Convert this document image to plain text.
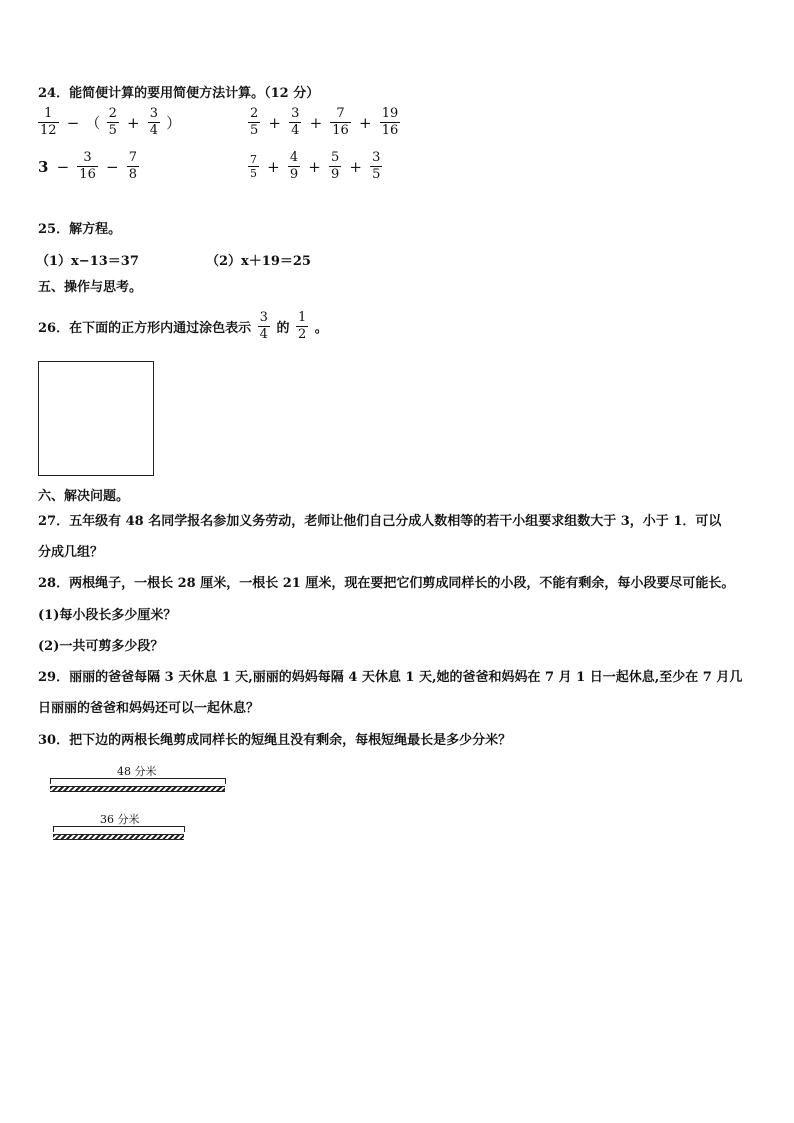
24．能简便计算的要用简便方法计算。（12 分）
$\frac{1}{12}$ − （ $\frac{2}{5} + \frac{3}{4}$ ）	$\frac{2}{5} + \frac{3}{4} + \frac{7}{16} + \frac{19}{16}$
$3 - \frac{3}{16} - \frac{7}{8}$	$\frac{7}{5} + \frac{4}{9} + \frac{5}{9} + \frac{3}{5}$
25．解方程。
（1）x−13＝37	（2）x＋19＝25
五、操作与思考。
26．在下面的正方形内通过涂色表示 $\frac{3}{4}$ 的 $\frac{1}{2}$ 。
六、解决问题。
27．五年级有 48 名同学报名参加义务劳动，老师让他们自己分成人数相等的若干小组要求组数大于 3，小于 1．可以
分成几组？
28．两根绳子，一根长 28 厘米，一根长 21 厘米，现在要把它们剪成同样长的小段，不能有剩余，每小段要尽可能长。
(1)每小段长多少厘米？
(2)一共可剪多少段？
29．丽丽的爸爸每隔 3 天休息 1 天,丽丽的妈妈每隔 4 天休息 1 天,她的爸爸和妈妈在 7 月 1 日一起休息,至少在 7 月几
日丽丽的爸爸和妈妈还可以一起休息？
30．把下边的两根长绳剪成同样长的短绳且没有剩余，每根短绳最长是多少分米？
48 分米
36 分米
